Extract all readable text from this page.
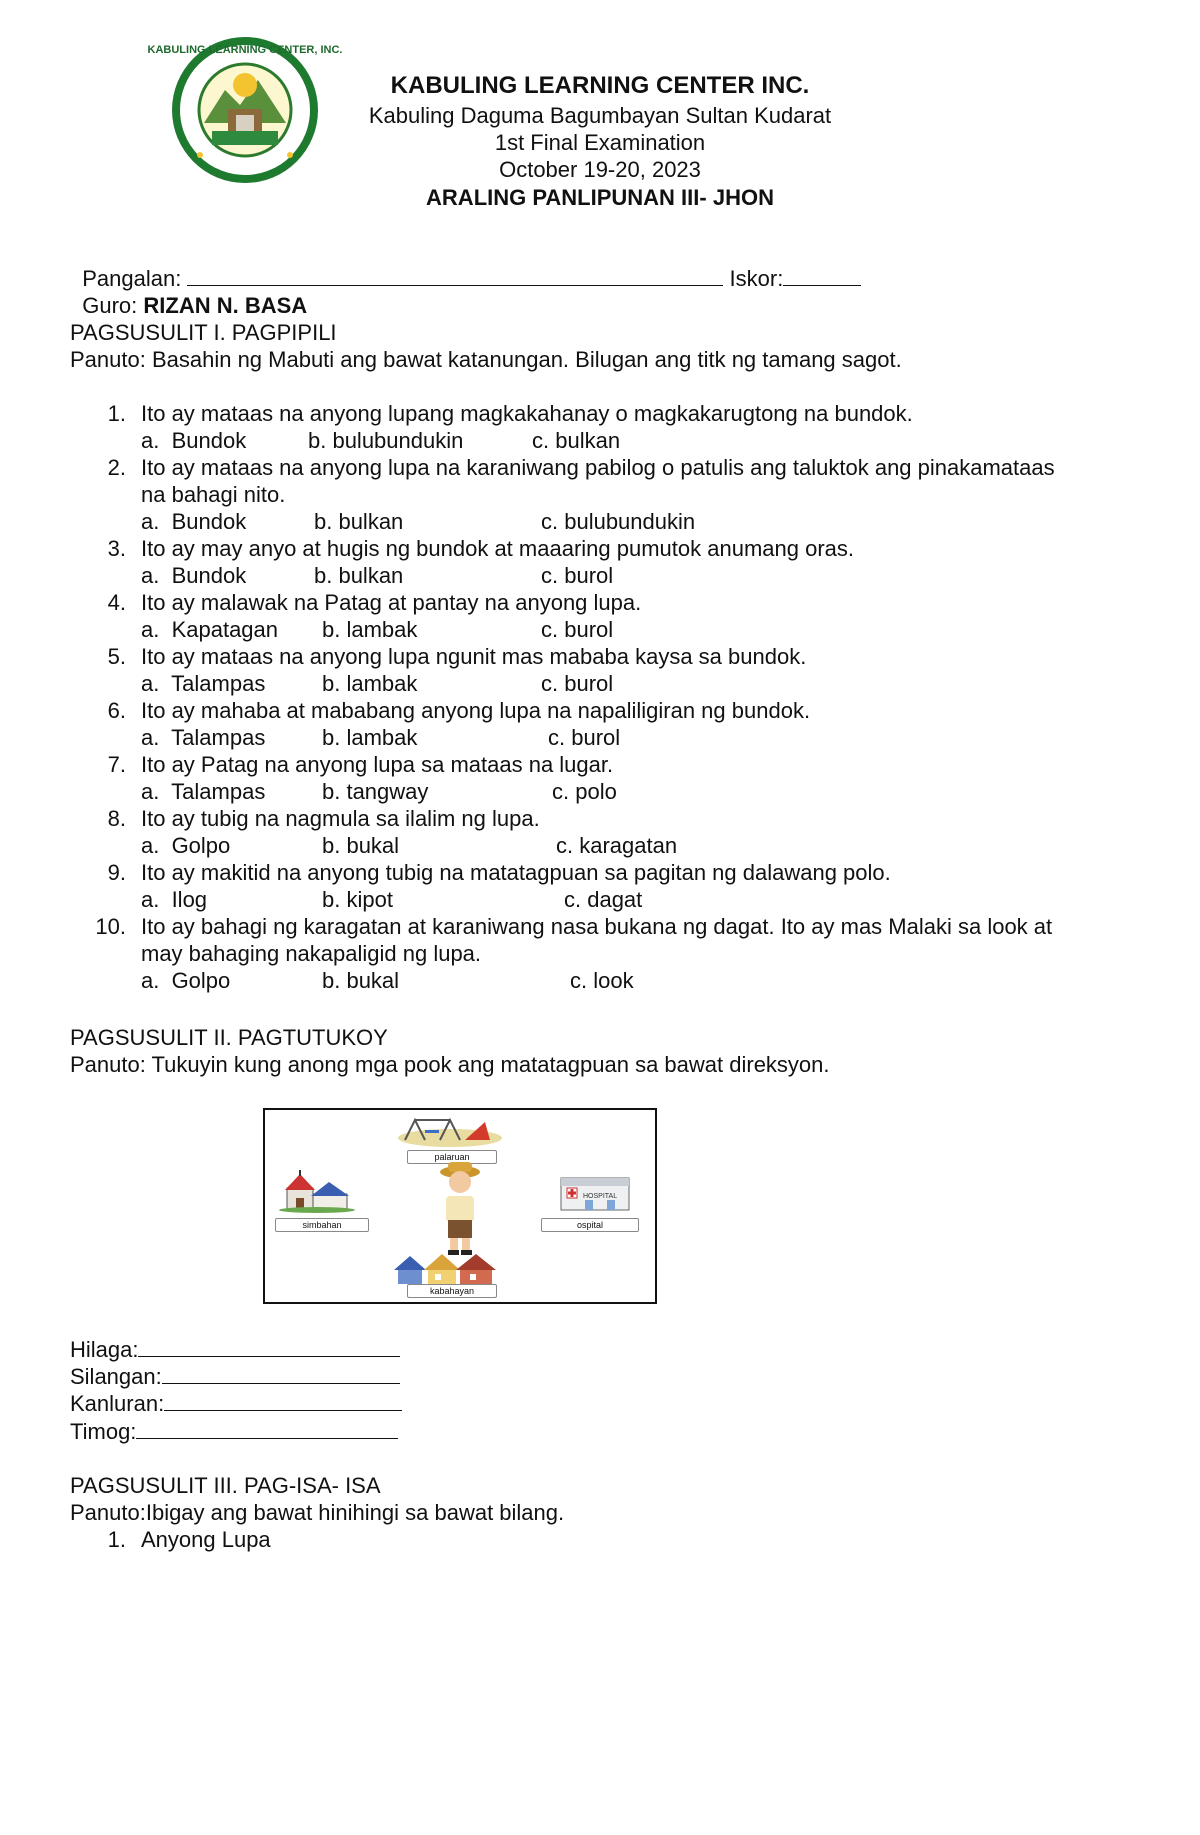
KABULING LEARNING CENTER, INC.
KABULING LEARNING CENTER INC.
Kabuling Daguma Bagumbayan Sultan Kudarat
1st Final Examination
October 19-20, 2023
ARALING PANLIPUNAN III- JHON

Pangalan:	Iskor:

Guro: RIZAN N. BASA

PAGSUSULIT I. PAGPIPILI
Panuto: Basahin ng Mabuti ang bawat katanungan. Bilugan ang titk ng tamang sagot.
1. Ito ay mataas na anyong lupang magkakahanay o magkakarugtong na bundok.
a.  Bundok	b. bulubundukin	c. bulkan
2. Ito ay mataas na anyong lupa na karaniwang pabilog o patulis ang taluktok ang pinakamataas
na bahagi nito.
a.  Bundok	b. bulkan	c. bulubundukin
3. Ito ay may anyo at hugis ng bundok at maaaring pumutok anumang oras.
a.  Bundok	b. bulkan	c. burol
4. Ito ay malawak na Patag at pantay na anyong lupa.
a.  Kapatagan b. lambak	c. burol
5. Ito ay mataas na anyong lupa ngunit mas mababa kaysa sa bundok.
a.  Talampas	b. lambak	c. burol
6. Ito ay mahaba at mababang anyong lupa na napaliligiran ng bundok.
a.  Talampas	b. lambak	c. burol
7. Ito ay Patag na anyong lupa sa mataas na lugar.
a.  Talampas	b. tangway	c. polo
8. Ito ay tubig na nagmula sa ilalim ng lupa.
a.  Golpo	b. bukal	c. karagatan
9. Ito ay makitid na anyong tubig na matatagpuan sa pagitan ng dalawang polo.
a.  Ilog	b. kipot	c. dagat
10. Ito ay bahagi ng karagatan at karaniwang nasa bukana ng dagat. Ito ay mas Malaki sa look at
may bahaging nakapaligid ng lupa.
a.  Golpo	b. bukal	c. look
PAGSUSULIT II. PAGTUTUKOY
Panuto: Tukuyin kung anong mga pook ang matatagpuan sa bawat direksyon.
palaruan
simbahan
HOSPITAL
ospital
kabahayan
Hilaga:
Silangan:
Kanluran:
Timog:
PAGSUSULIT III. PAG-ISA- ISA
Panuto:Ibigay ang bawat hinihingi sa bawat bilang.
1. Anyong Lupa
